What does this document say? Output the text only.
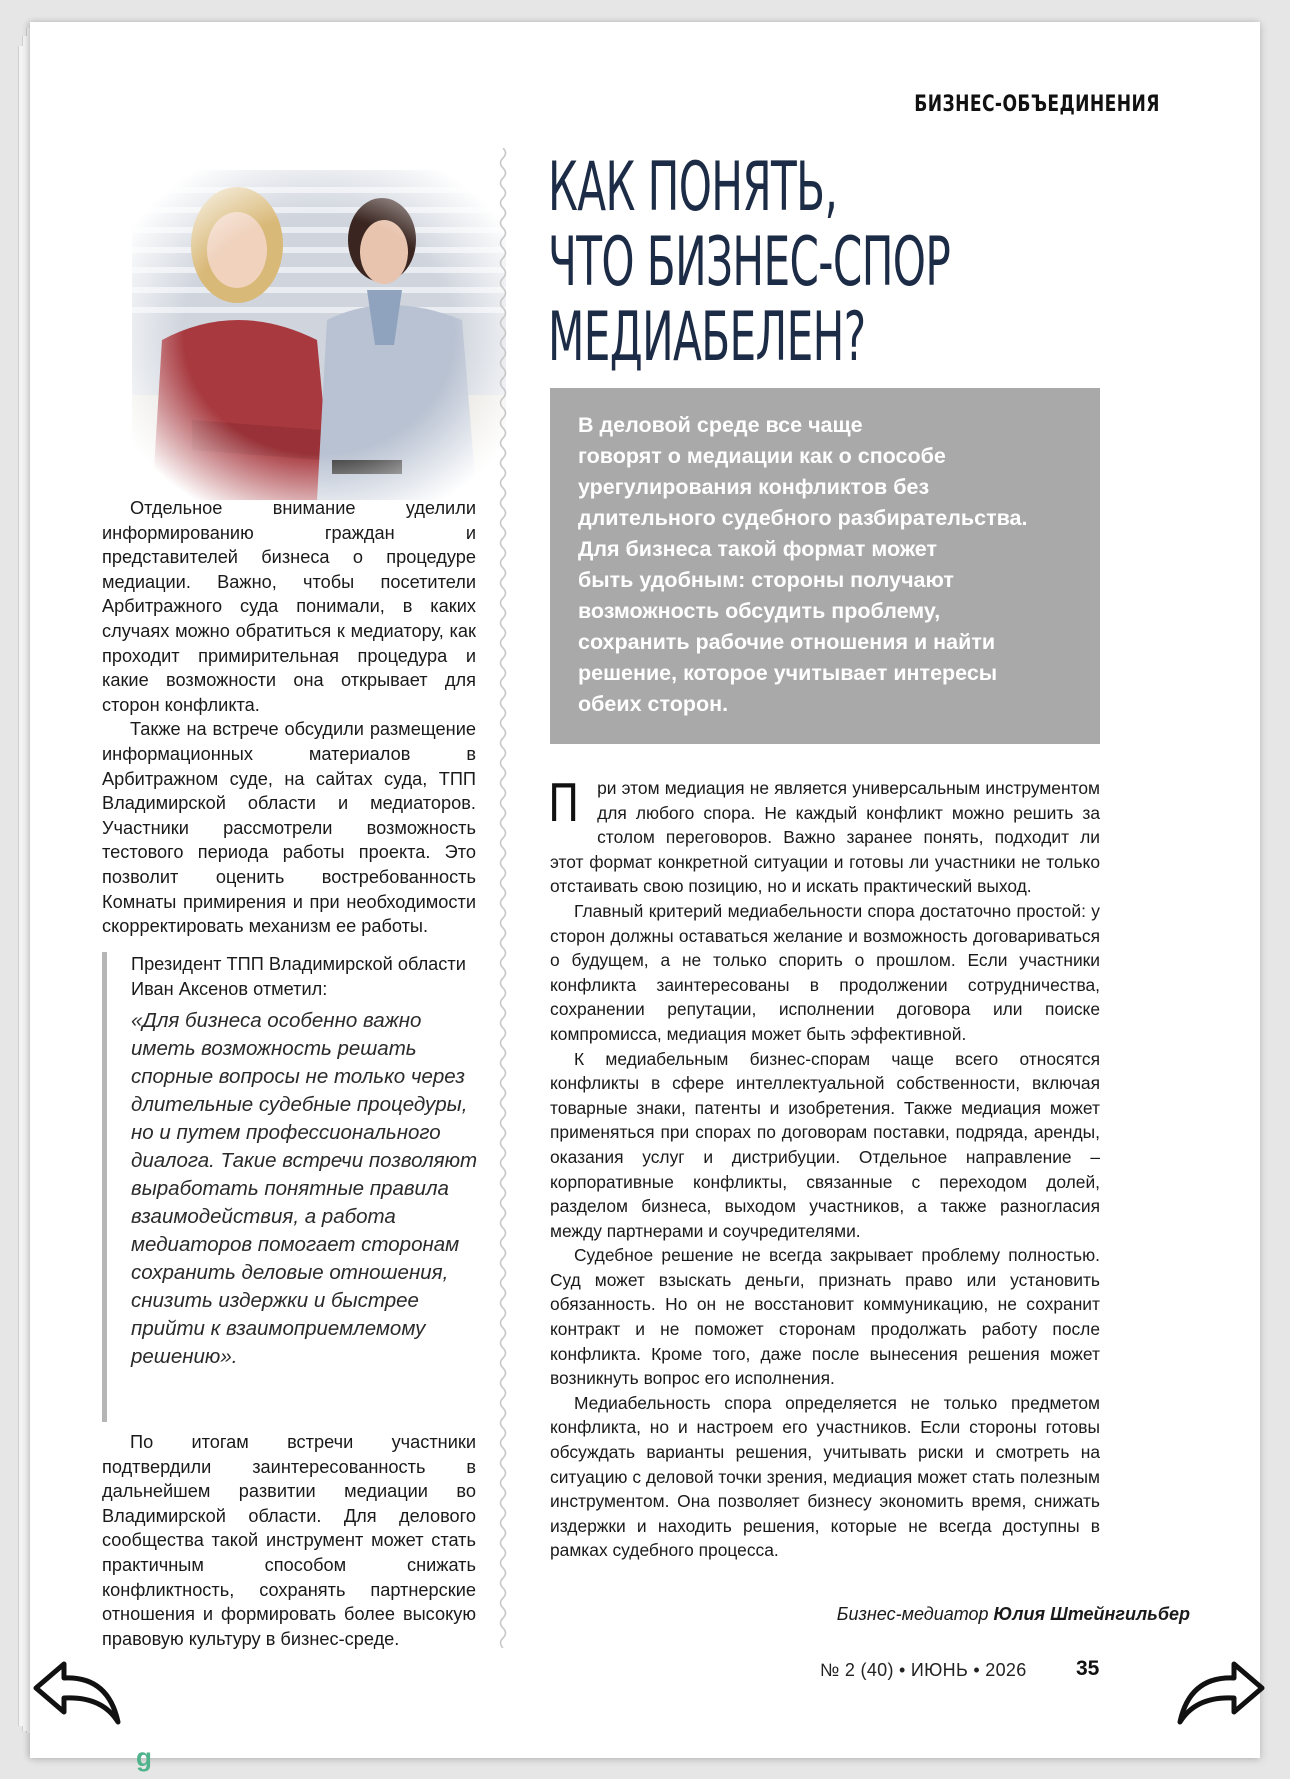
БИЗНЕС-ОБЪЕДИНЕНИЯ

Отдельное внимание уделили информированию граждан и представителей бизнеса о процедуре медиации. Важно, чтобы посетители Арбитражного суда понимали, в каких случаях можно обратиться к медиатору, как проходит примирительная процедура и какие возможности она открывает для сторон конфликта.

Также на встрече обсудили размещение информационных материалов в Арбитражном суде, на сайтах суда, ТПП Владимирской области и медиаторов. Участники рассмотрели возможность тестового периода работы проекта. Это позволит оценить востребованность Комнаты примирения и при необходимости скорректировать механизм ее работы.

Президент ТПП Владимирской области Иван Аксенов отметил:
«Для бизнеса особенно важно иметь возможность решать спорные вопросы не только через длительные судебные процедуры, но и путем профессионального диалога. Такие встречи позволяют выработать понятные правила взаимодействия, а работа медиаторов помогает сторонам сохранить деловые отношения, снизить издержки и быстрее прийти к взаимоприемлемому решению».

По итогам встречи участники подтвердили заинтересованность в дальнейшем развитии медиации во Владимирской области. Для делового сообщества такой инструмент может стать практичным способом снижать конфликтность, сохранять партнерские отношения и формировать более высокую правовую культуру в бизнес-среде.

КАК ПОНЯТЬ,
ЧТО БИЗНЕС-СПОР
МЕДИАБЕЛЕН?
В деловой среде все чаще
говорят о медиации как о способе
урегулирования конфликтов без
длительного судебного разбирательства.
Для бизнеса такой формат может
быть удобным: стороны получают
возможность обсудить проблему,
сохранить рабочие отношения и найти
решение, которое учитывает интересы
обеих сторон.

П ри этом медиация не является универсальным инструментом для любого спора. Не каждый конфликт можно решить за столом переговоров. Важно заранее понять, подходит ли этот формат конкретной ситуации и готовы ли участники не только отстаивать свою позицию, но и искать практический выход.

Главный критерий медиабельности спора достаточно простой: у сторон должны оставаться желание и возможность договариваться о будущем, а не только спорить о прошлом. Если участники конфликта заинтересованы в продолжении сотрудничества, сохранении репутации, исполнении договора или поиске компромисса, медиация может быть эффективной.

К медиабельным бизнес-спорам чаще всего относятся конфликты в сфере интеллектуальной собственности, включая товарные знаки, патенты и изобретения. Также медиация может применяться при спорах по договорам поставки, подряда, аренды, оказания услуг и дистрибуции. Отдельное направление – корпоративные конфликты, связанные с переходом долей, разделом бизнеса, выходом участников, а также разногласия между партнерами и соучредителями.

Судебное решение не всегда закрывает проблему полностью. Суд может взыскать деньги, признать право или установить обязанность. Но он не восстановит коммуникацию, не сохранит контракт и не поможет сторонам продолжать работу после конфликта. Кроме того, даже после вынесения решения может возникнуть вопрос его исполнения.

Медиабельность спора определяется не только предметом конфликта, но и настроем его участников. Если стороны готовы обсуждать варианты решения, учитывать риски и смотреть на ситуацию с деловой точки зрения, медиация может стать полезным инструментом. Она позволяет бизнесу экономить время, снижать издержки и находить решения, которые не всегда доступны в рамках судебного процесса.

Бизнес-медиатор Юлия Штейнгильбер
№ 2 (40) • ИЮНЬ • 2026 35
g
